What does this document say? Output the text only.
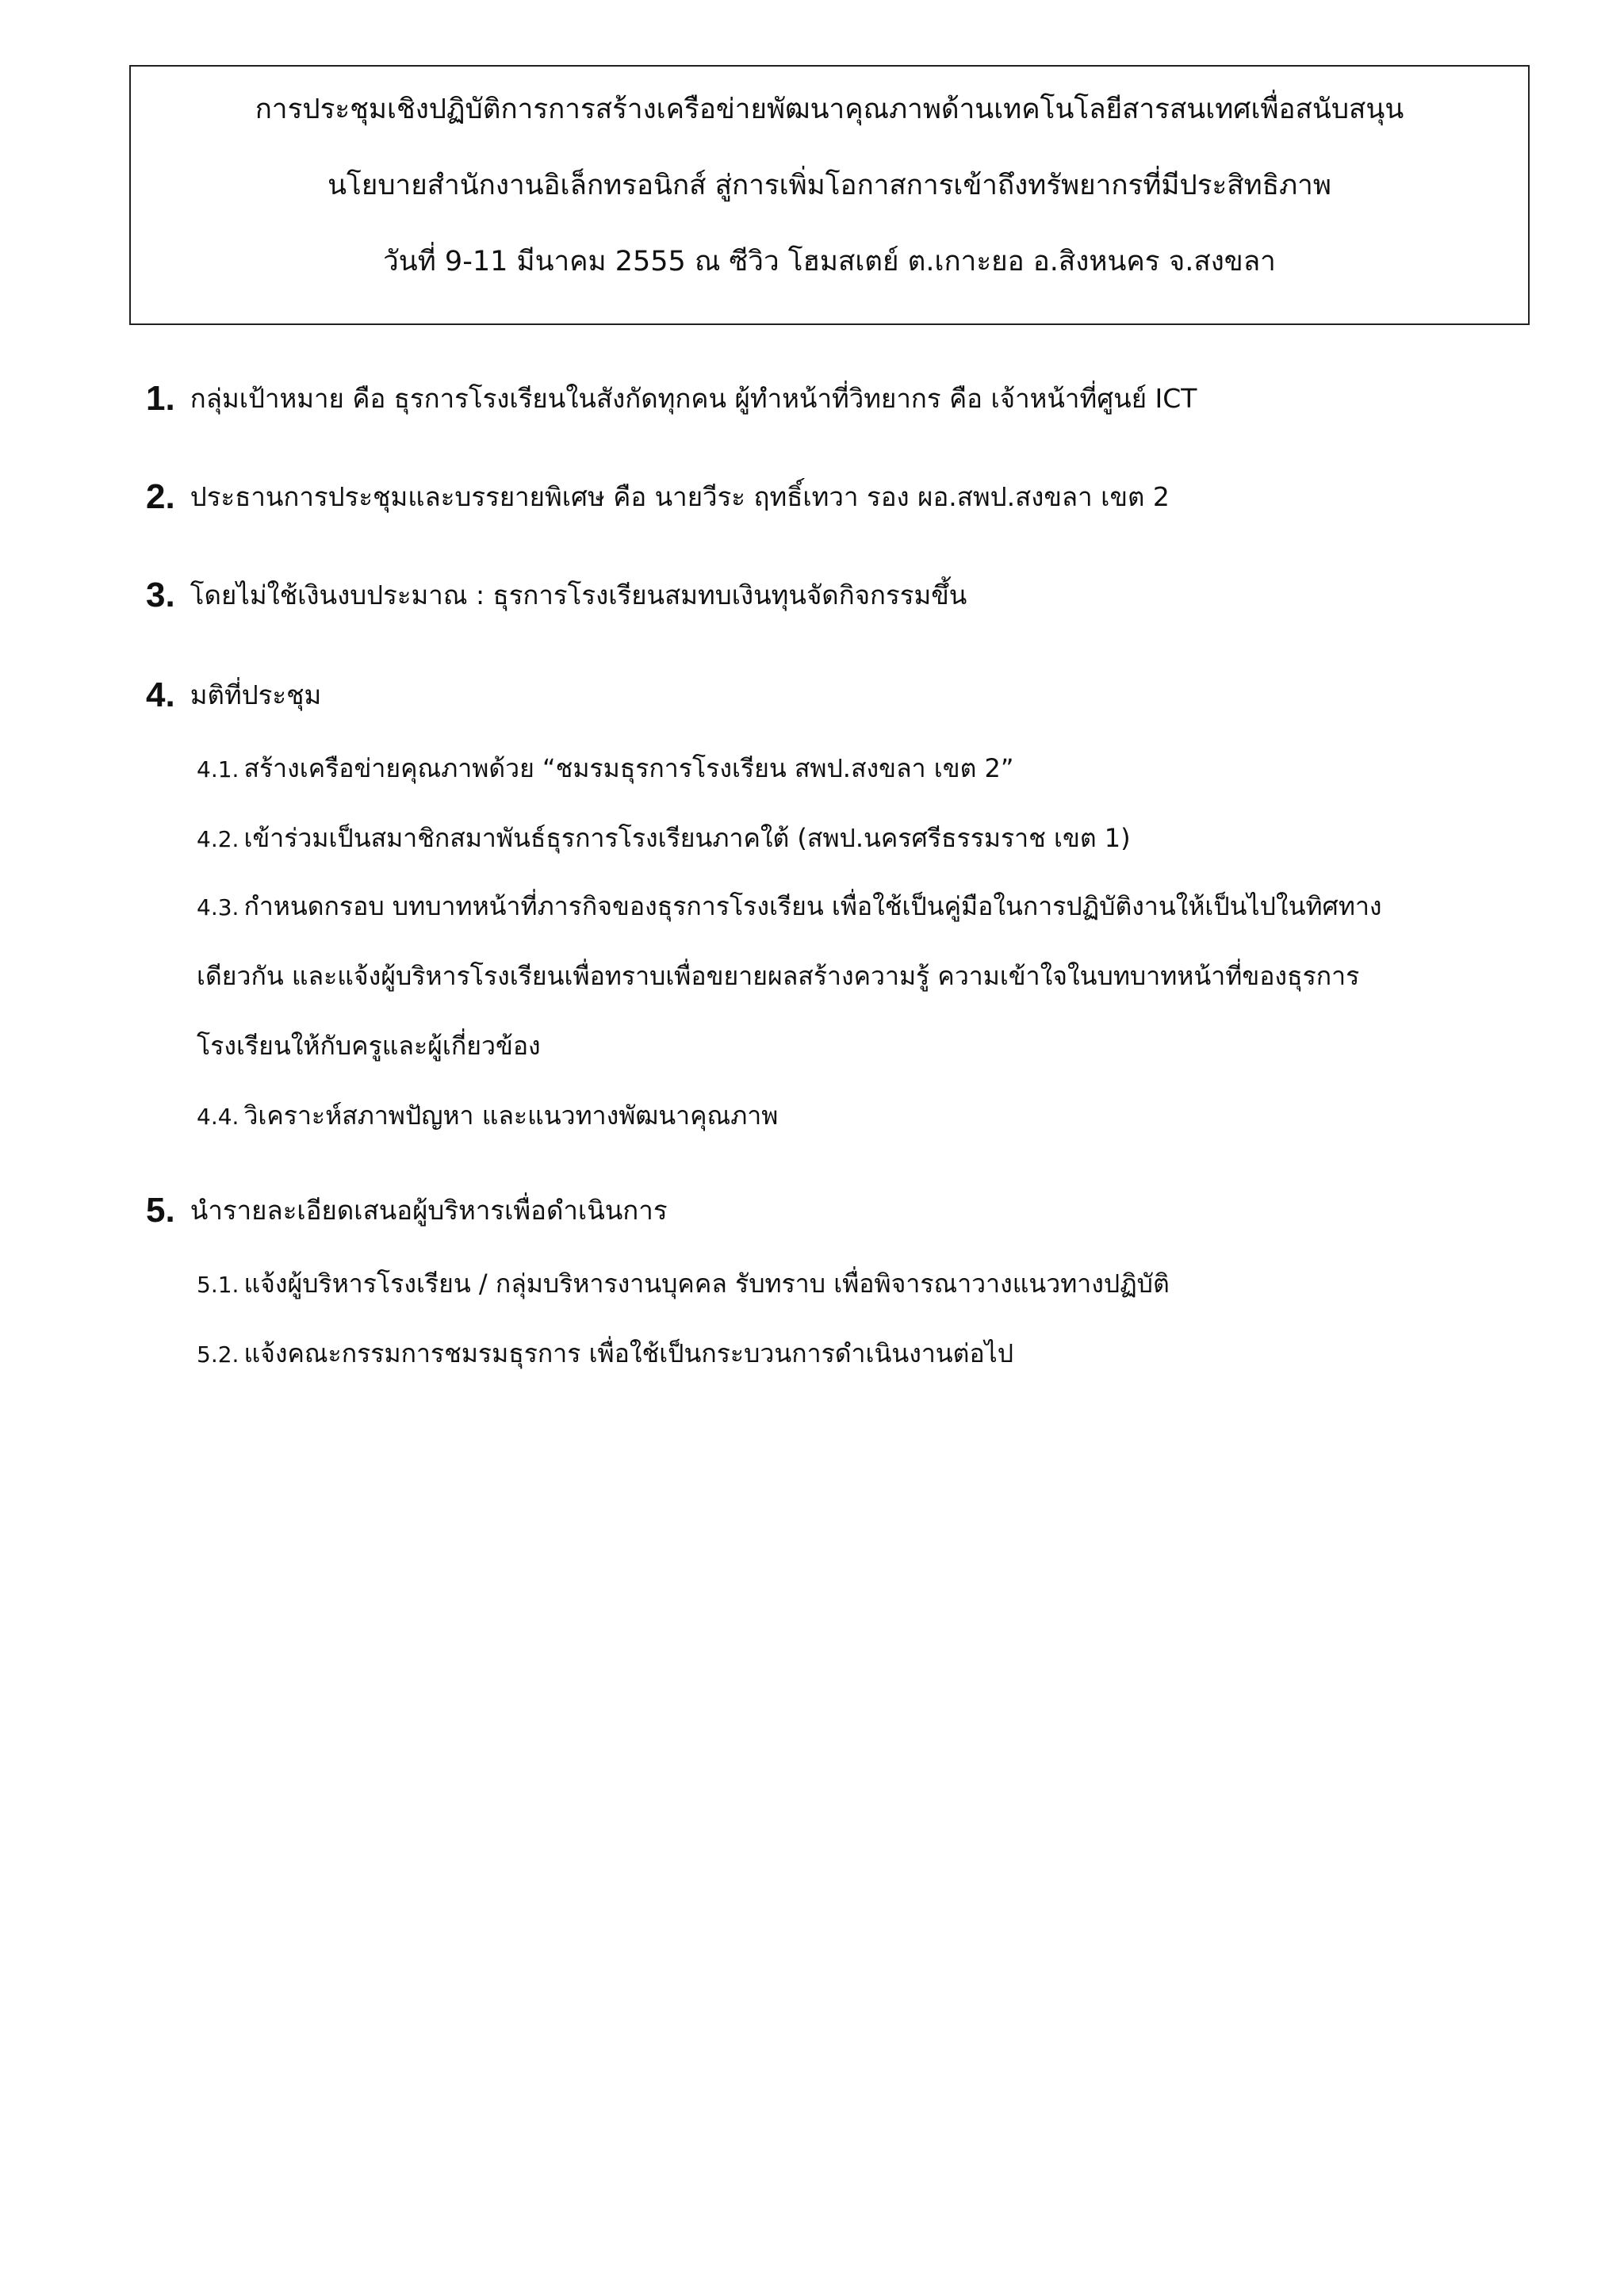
การประชุมเชิงปฏิบัติการการสร้างเครือข่ายพัฒนาคุณภาพด้านเทคโนโลยีสารสนเทศเพื่อสนับสนุน
นโยบายสำนักงานอิเล็กทรอนิกส์ สู่การเพิ่มโอกาสการเข้าถึงทรัพยากรที่มีประสิทธิภาพ
วันที่ 9-11 มีนาคม 2555 ณ ซีวิว โฮมสเตย์ ต.เกาะยอ อ.สิงหนคร จ.สงขลา
1. กลุ่มเป้าหมาย คือ ธุรการโรงเรียนในสังกัดทุกคน ผู้ทำหน้าที่วิทยากร คือ เจ้าหน้าที่ศูนย์ ICT
2. ประธานการประชุมและบรรยายพิเศษ คือ นายวีระ ฤทธิ์เทวา รอง ผอ.สพป.สงขลา เขต 2
3. โดยไม่ใช้เงินงบประมาณ : ธุรการโรงเรียนสมทบเงินทุนจัดกิจกรรมขึ้น
4. มติที่ประชุม
4.1. สร้างเครือข่ายคุณภาพด้วย “ชมรมธุรการโรงเรียน สพป.สงขลา เขต 2”
4.2. เข้าร่วมเป็นสมาชิกสมาพันธ์ธุรการโรงเรียนภาคใต้ (สพป.นครศรีธรรมราช เขต 1)
4.3. กำหนดกรอบ บทบาทหน้าที่ภารกิจของธุรการโรงเรียน เพื่อใช้เป็นคู่มือในการปฏิบัติงานให้เป็นไปในทิศทาง
เดียวกัน และแจ้งผู้บริหารโรงเรียนเพื่อทราบเพื่อขยายผลสร้างความรู้ ความเข้าใจในบทบาทหน้าที่ของธุรการ
โรงเรียนให้กับครูและผู้เกี่ยวข้อง
4.4. วิเคราะห์สภาพปัญหา และแนวทางพัฒนาคุณภาพ
5. นำรายละเอียดเสนอผู้บริหารเพื่อดำเนินการ
5.1. แจ้งผู้บริหารโรงเรียน / กลุ่มบริหารงานบุคคล รับทราบ เพื่อพิจารณาวางแนวทางปฏิบัติ
5.2. แจ้งคณะกรรมการชมรมธุรการ เพื่อใช้เป็นกระบวนการดำเนินงานต่อไป
